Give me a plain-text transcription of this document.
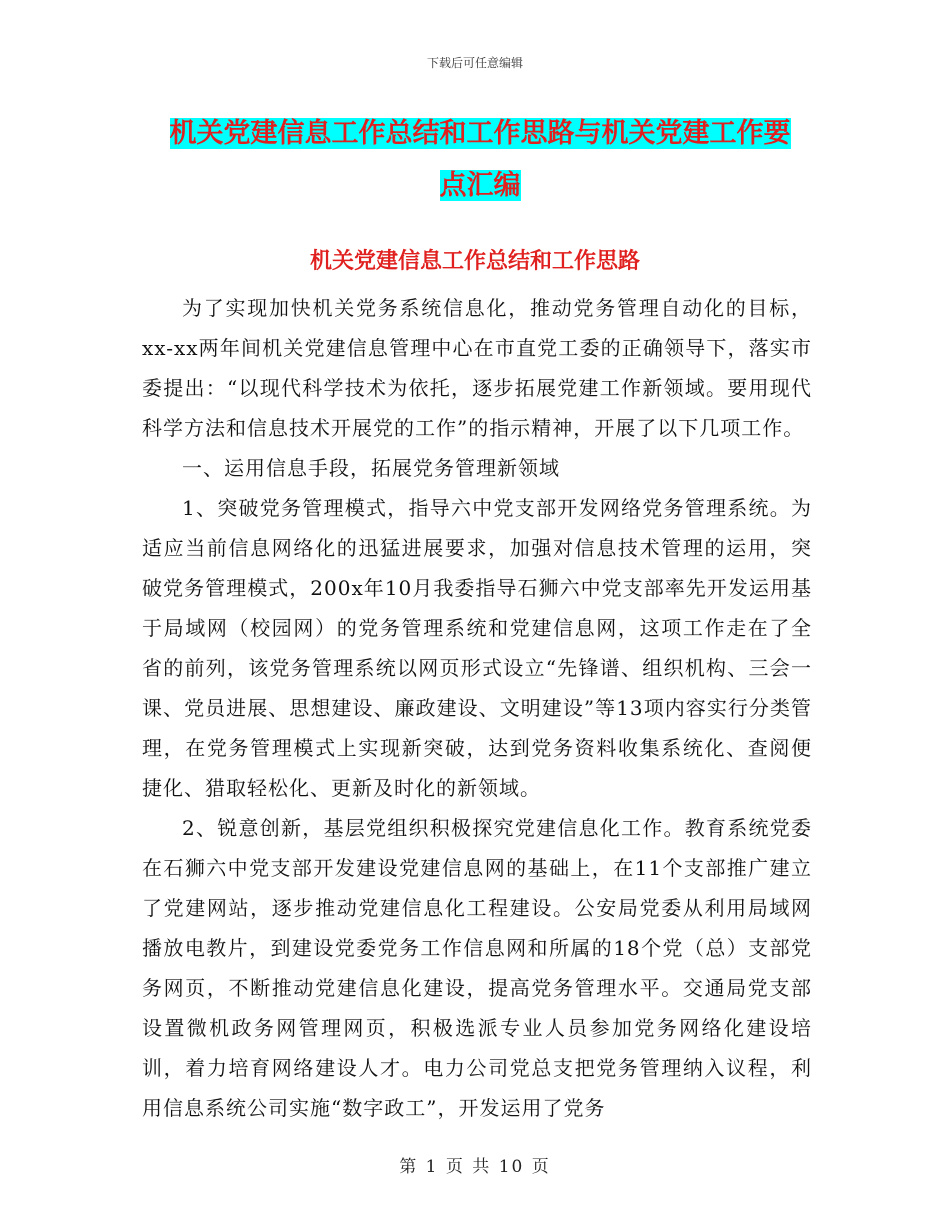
下载后可任意编辑
机关党建信息工作总结和工作思路与机关党建工作要
点汇编
机关党建信息工作总结和工作思路

为了实现加快机关党务系统信息化，推动党务管理自动化的目标，xx-xx两年间机关党建信息管理中心在市直党工委的正确领导下，落实市委提出：“以现代科学技术为依托，逐步拓展党建工作新领域。要用现代科学方法和信息技术开展党的工作”的指示精神，开展了以下几项工作。

一、运用信息手段，拓展党务管理新领域

1、突破党务管理模式，指导六中党支部开发网络党务管理系统。为适应当前信息网络化的迅猛进展要求，加强对信息技术管理的运用，突破党务管理模式，200x年10月我委指导石狮六中党支部率先开发运用基于局域网（校园网）的党务管理系统和党建信息网，这项工作走在了全省的前列，该党务管理系统以网页形式设立“先锋谱、组织机构、三会一课、党员进展、思想建设、廉政建设、文明建设”等13项内容实行分类管理，在党务管理模式上实现新突破，达到党务资料收集系统化、查阅便捷化、猎取轻松化、更新及时化的新领域。

2、锐意创新，基层党组织积极探究党建信息化工作。教育系统党委在石狮六中党支部开发建设党建信息网的基础上，在11个支部推广建立了党建网站，逐步推动党建信息化工程建设。公安局党委从利用局域网播放电教片，到建设党委党务工作信息网和所属的18个党（总）支部党务网页，不断推动党建信息化建设，提高党务管理水平。交通局党支部设置微机政务网管理网页，积极选派专业人员参加党务网络化建设培训，着力培育网络建设人才。电力公司党总支把党务管理纳入议程，利用信息系统公司实施“数字政工”，开发运用了党务

第 1 页 共 10 页
